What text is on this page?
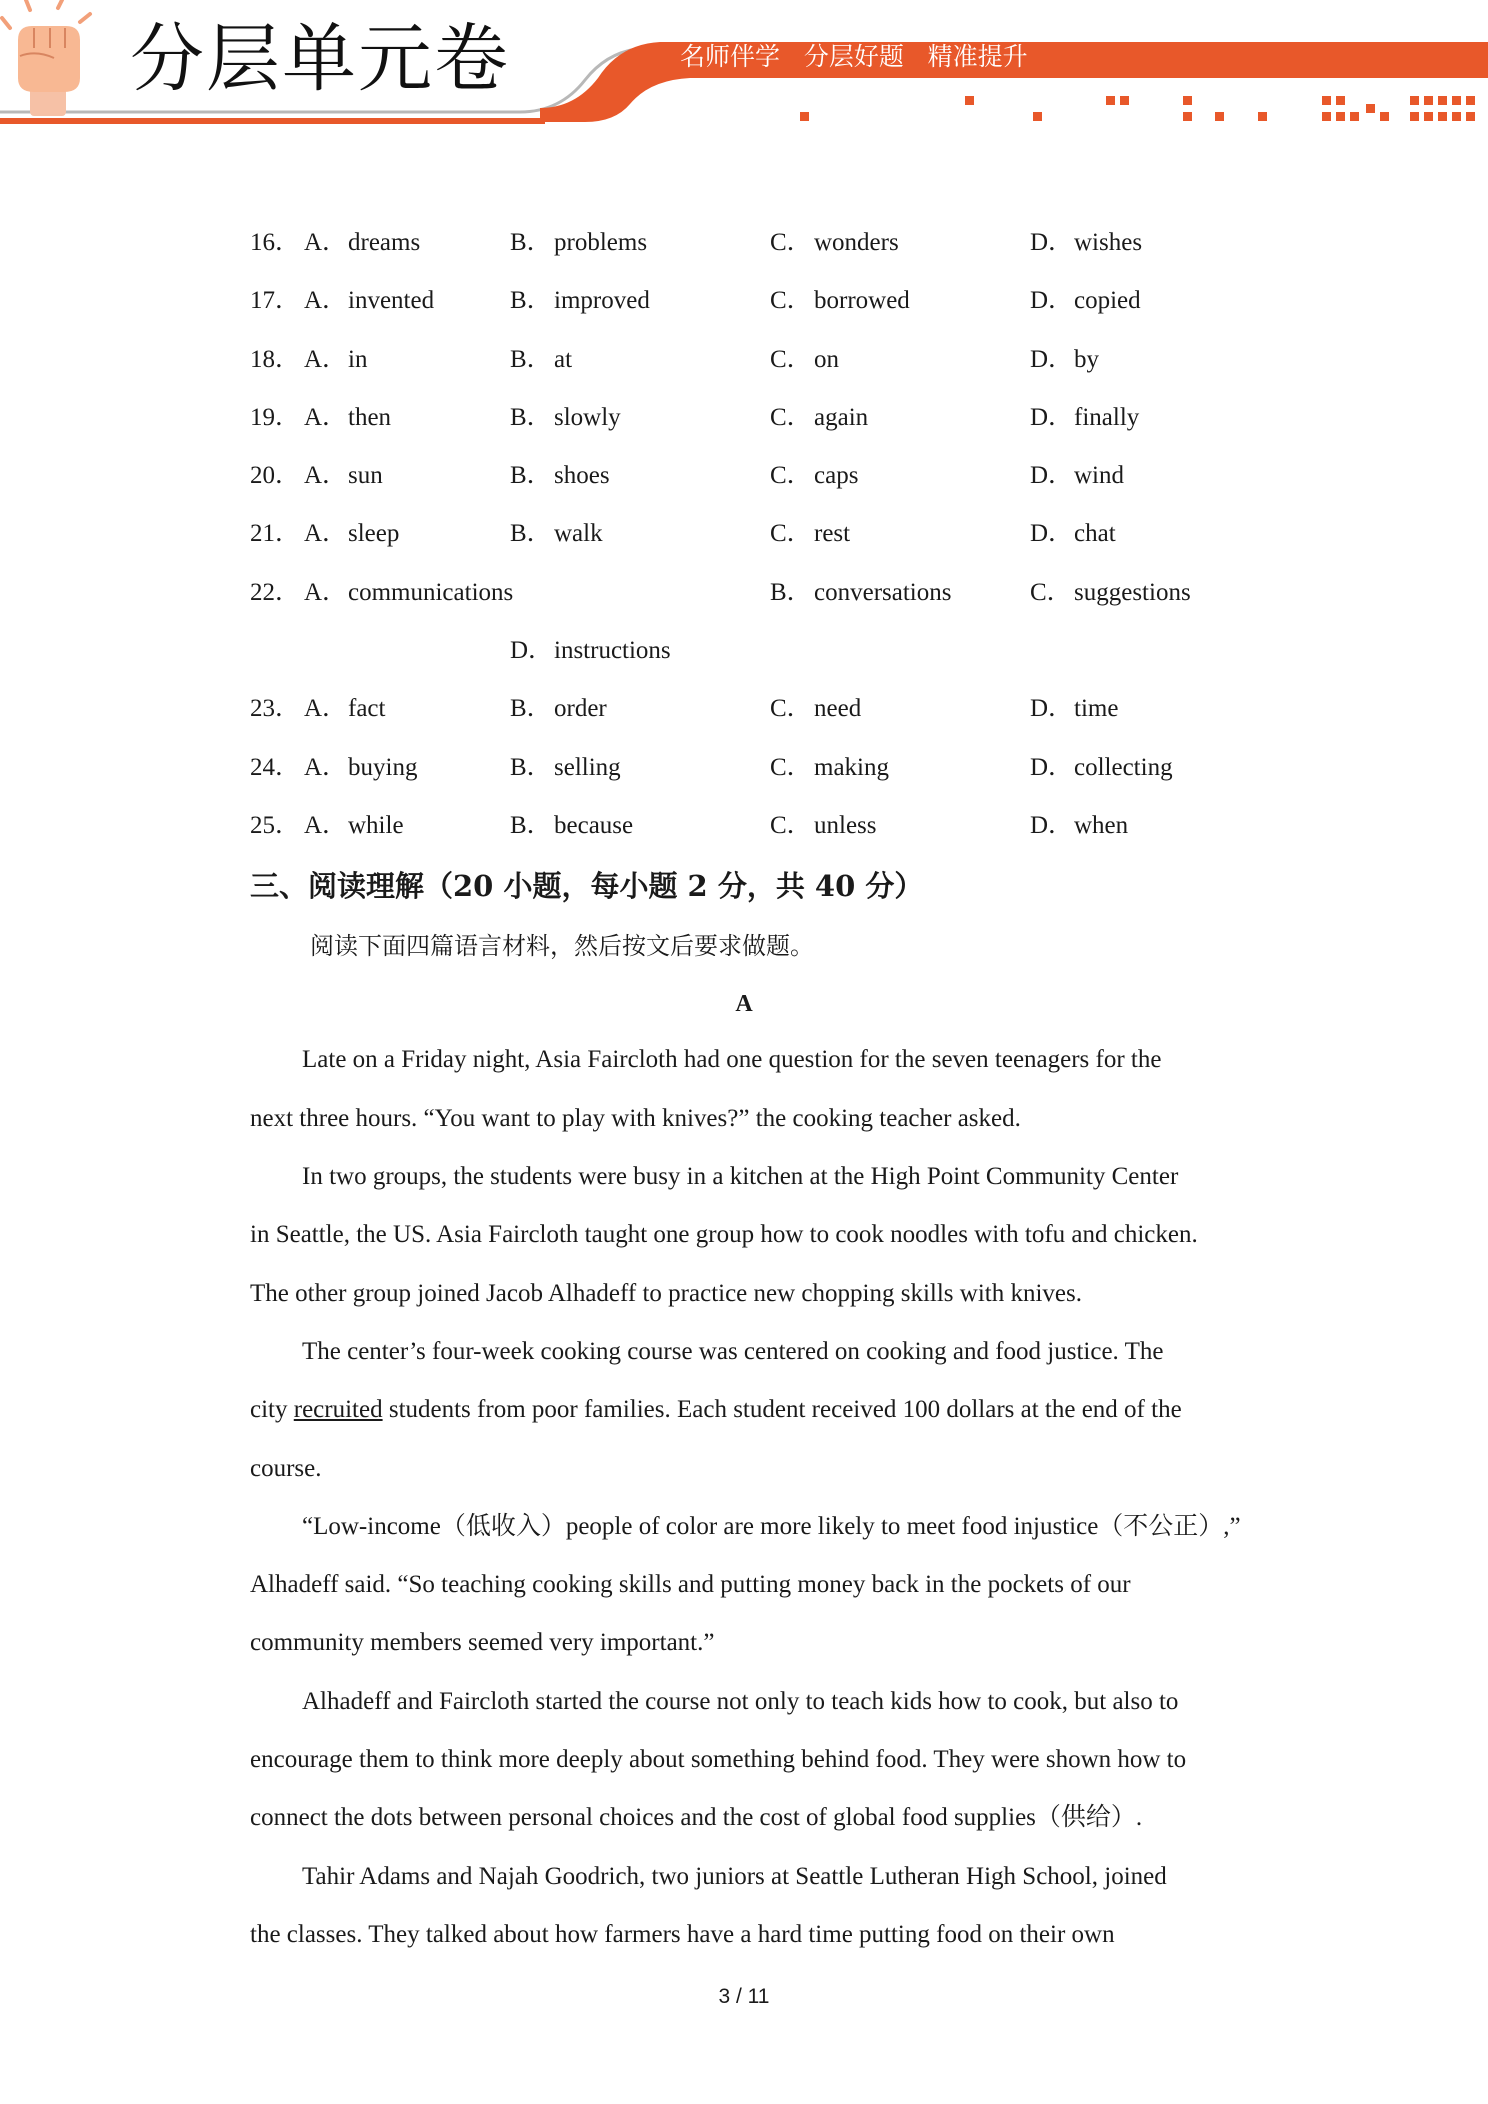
分层单元卷	名师伴学   分层好题   精准提升
16． A．dreams	B．problems	C．wonders	D．wishes
17． A．invented	B．improved	C．borrowed	D．copied
18． A．in	B．at	C．on	D．by
19． A．then	B．slowly	C．again	D．finally
20． A．sun	B．shoes	C．caps	D．wind
21． A．sleep	B．walk	C．rest	D．chat
22． A．communications	B．conversations	C．suggestions
D．instructions
23． A．fact	B．order	C．need	D．time
24． A．buying	B．selling	C．making	D．collecting
25． A．while	B．because	C．unless	D．when
三、阅读理解（20 小题，每小题 2 分，共 40 分）
阅读下面四篇语言材料，然后按文后要求做题。
A
Late on a Friday night, Asia Faircloth had one question for the seven teenagers for the
next three hours. “You want to play with knives?” the cooking teacher asked.
In two groups, the students were busy in a kitchen at the High Point Community Center
in Seattle, the US. Asia Faircloth taught one group how to cook noodles with tofu and chicken.
The other group joined Jacob Alhadeff to practice new chopping skills with knives.
The center’s four-week cooking course was centered on cooking and food justice. The
city recruited students from poor families. Each student received 100 dollars at the end of the
course.
“Low-income（低收入）people of color are more likely to meet food injustice（不公正）,”
Alhadeff said. “So teaching cooking skills and putting money back in the pockets of our
community members seemed very important.”
Alhadeff and Faircloth started the course not only to teach kids how to cook, but also to
encourage them to think more deeply about something behind food. They were shown how to
connect the dots between personal choices and the cost of global food supplies（供给）.
Tahir Adams and Najah Goodrich, two juniors at Seattle Lutheran High School, joined
the classes. They talked about how farmers have a hard time putting food on their own
3 / 11
